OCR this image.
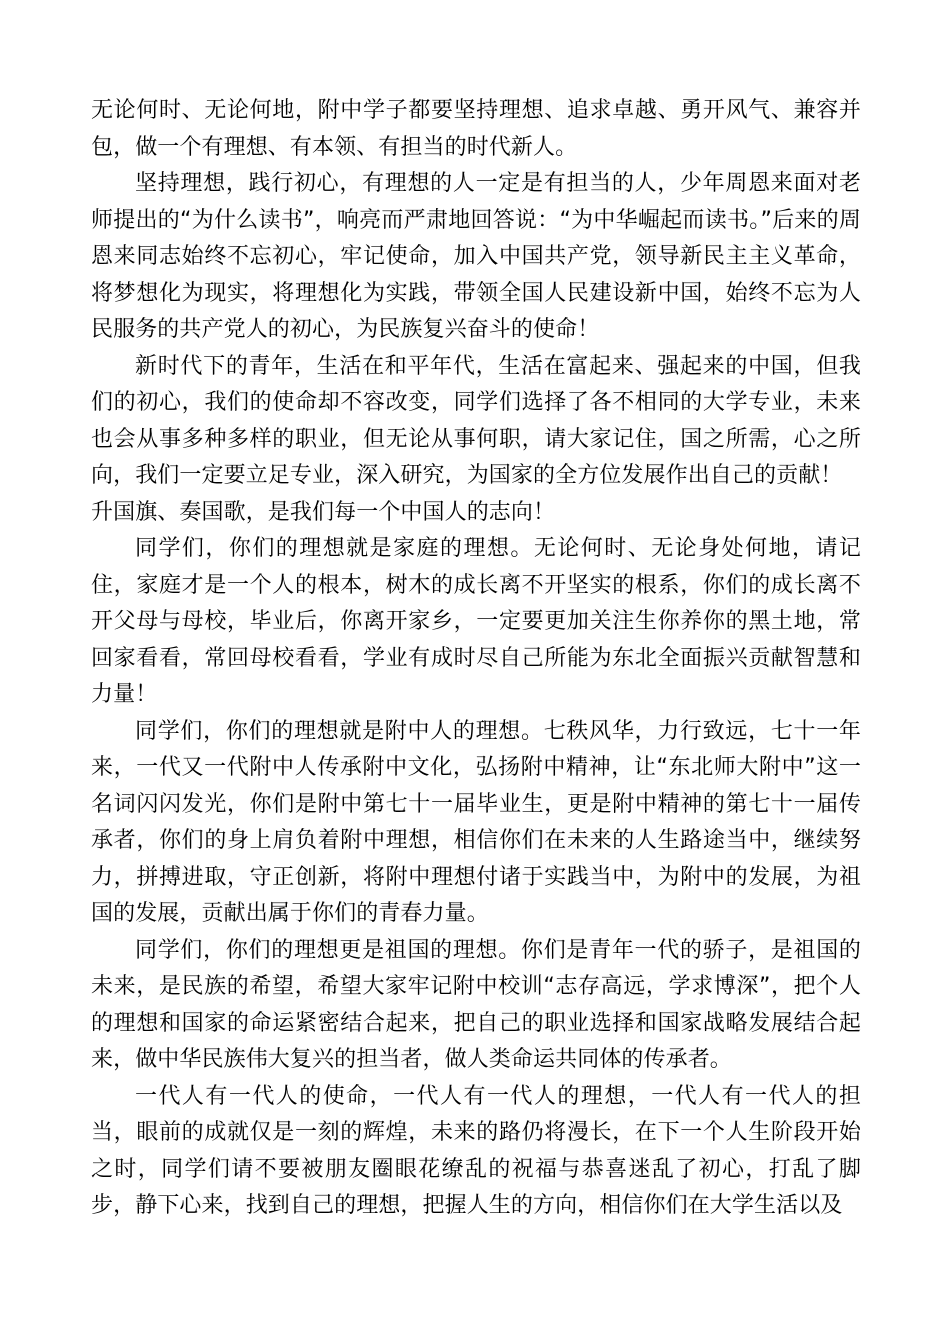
无论何时、无论何地，附中学子都要坚持理想、追求卓越、勇开风气、兼容并包，做一个有理想、有本领、有担当的时代新人。

坚持理想，践行初心，有理想的人一定是有担当的人，少年周恩来面对老师提出的“为什么读书”，响亮而严肃地回答说：“为中华崛起而读书。”后来的周恩来同志始终不忘初心，牢记使命，加入中国共产党，领导新民主主义革命，将梦想化为现实，将理想化为实践，带领全国人民建设新中国，始终不忘为人民服务的共产党人的初心，为民族复兴奋斗的使命！

新时代下的青年，生活在和平年代，生活在富起来、强起来的中国，但我们的初心，我们的使命却不容改变，同学们选择了各不相同的大学专业，未来也会从事多种多样的职业，但无论从事何职，请大家记住，国之所需，心之所向，我们一定要立足专业，深入研究，为国家的全方位发展作出自己的贡献！

升国旗、奏国歌，是我们每一个中国人的志向！

同学们，你们的理想就是家庭的理想。无论何时、无论身处何地，请记住，家庭才是一个人的根本，树木的成长离不开坚实的根系，你们的成长离不开父母与母校，毕业后，你离开家乡，一定要更加关注生你养你的黑土地，常回家看看，常回母校看看，学业有成时尽自己所能为东北全面振兴贡献智慧和力量！

同学们，你们的理想就是附中人的理想。七秩风华，力行致远，七十一年来，一代又一代附中人传承附中文化，弘扬附中精神，让“东北师大附中”这一名词闪闪发光，你们是附中第七十一届毕业生，更是附中精神的第七十一届传承者，你们的身上肩负着附中理想，相信你们在未来的人生路途当中，继续努力，拼搏进取，守正创新，将附中理想付诸于实践当中，为附中的发展，为祖国的发展，贡献出属于你们的青春力量。

同学们，你们的理想更是祖国的理想。你们是青年一代的骄子，是祖国的未来，是民族的希望，希望大家牢记附中校训“志存高远，学求博深”，把个人的理想和国家的命运紧密结合起来，把自己的职业选择和国家战略发展结合起来，做中华民族伟大复兴的担当者，做人类命运共同体的传承者。

一代人有一代人的使命，一代人有一代人的理想，一代人有一代人的担当，眼前的成就仅是一刻的辉煌，未来的路仍将漫长，在下一个人生阶段开始之时，同学们请不要被朋友圈眼花缭乱的祝福与恭喜迷乱了初心，打乱了脚步，静下心来，找到自己的理想，把握人生的方向，相信你们在大学生活以及
